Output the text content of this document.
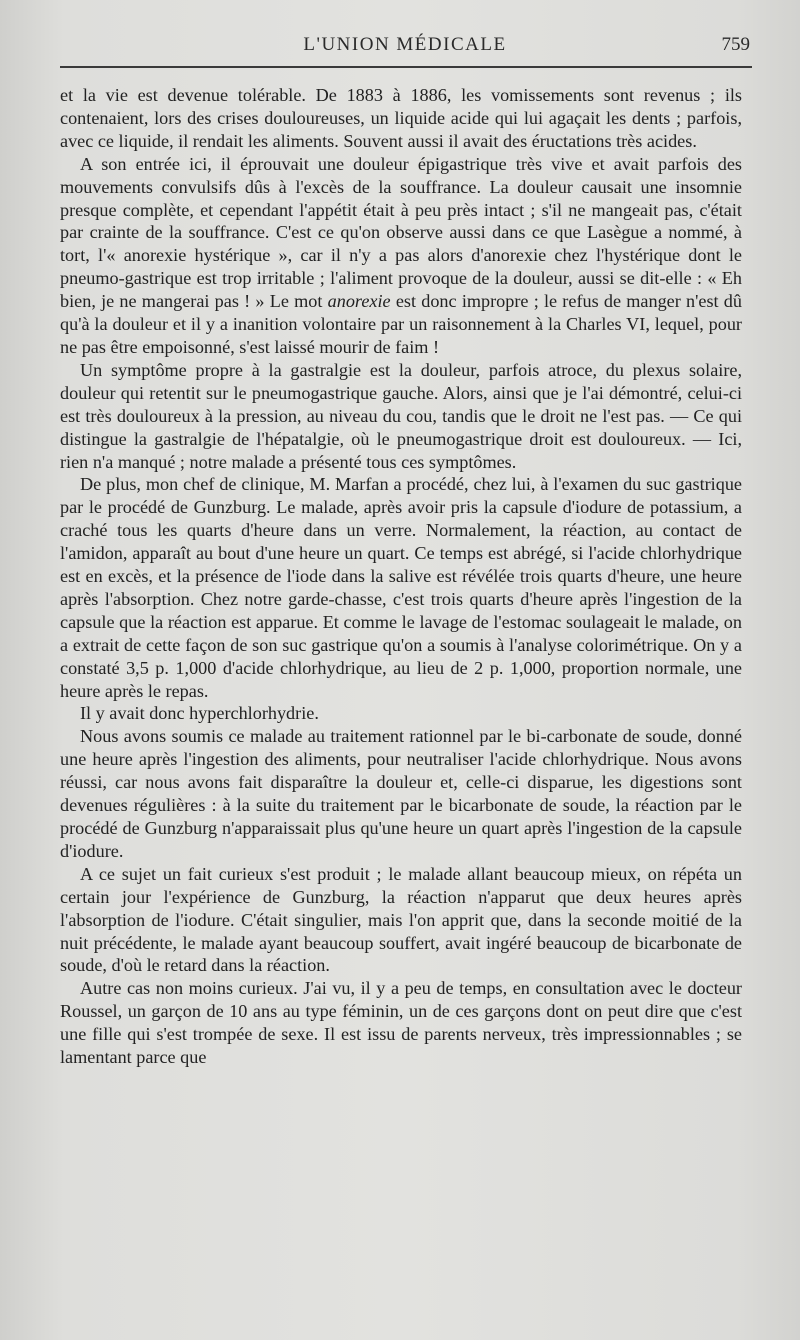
L'UNION MÉDICALE	759

et la vie est devenue tolérable. De 1883 à 1886, les vomissements sont revenus ; ils contenaient, lors des crises douloureuses, un liquide acide qui lui agaçait les dents ; parfois, avec ce liquide, il rendait les aliments. Souvent aussi il avait des éructations très acides.

A son entrée ici, il éprouvait une douleur épigastrique très vive et avait parfois des mouvements convulsifs dûs à l'excès de la souffrance. La douleur causait une insomnie presque complète, et cependant l'appétit était à peu près intact ; s'il ne mangeait pas, c'était par crainte de la souffrance. C'est ce qu'on observe aussi dans ce que Lasègue a nommé, à tort, l'« anorexie hystérique », car il n'y a pas alors d'anorexie chez l'hystérique dont le pneumo-gastrique est trop irritable ; l'aliment provoque de la douleur, aussi se dit-elle : « Eh bien, je ne mangerai pas ! » Le mot anorexie est donc impropre ; le refus de manger n'est dû qu'à la douleur et il y a inanition volontaire par un raisonnement à la Charles VI, lequel, pour ne pas être empoisonné, s'est laissé mourir de faim !

Un symptôme propre à la gastralgie est la douleur, parfois atroce, du plexus solaire, douleur qui retentit sur le pneumogastrique gauche. Alors, ainsi que je l'ai démontré, celui-ci est très douloureux à la pression, au niveau du cou, tandis que le droit ne l'est pas. — Ce qui distingue la gastralgie de l'hépatalgie, où le pneumogastrique droit est douloureux. — Ici, rien n'a manqué ; notre malade a présenté tous ces symptômes.

De plus, mon chef de clinique, M. Marfan a procédé, chez lui, à l'examen du suc gastrique par le procédé de Gunzburg. Le malade, après avoir pris la capsule d'iodure de potassium, a craché tous les quarts d'heure dans un verre. Normalement, la réaction, au contact de l'amidon, apparaît au bout d'une heure un quart. Ce temps est abrégé, si l'acide chlorhydrique est en excès, et la présence de l'iode dans la salive est révélée trois quarts d'heure, une heure après l'absorption. Chez notre garde-chasse, c'est trois quarts d'heure après l'ingestion de la capsule que la réaction est apparue. Et comme le lavage de l'estomac soulageait le malade, on a extrait de cette façon de son suc gastrique qu'on a soumis à l'analyse colorimétrique. On y a constaté 3,5 p. 1,000 d'acide chlorhydrique, au lieu de 2 p. 1,000, proportion normale, une heure après le repas.

Il y avait donc hyperchlorhydrie.

Nous avons soumis ce malade au traitement rationnel par le bi-carbonate de soude, donné une heure après l'ingestion des aliments, pour neutraliser l'acide chlorhydrique. Nous avons réussi, car nous avons fait disparaître la douleur et, celle-ci disparue, les digestions sont devenues régulières : à la suite du traitement par le bicarbonate de soude, la réaction par le procédé de Gunzburg n'apparaissait plus qu'une heure un quart après l'ingestion de la capsule d'iodure.

A ce sujet un fait curieux s'est produit ; le malade allant beaucoup mieux, on répéta un certain jour l'expérience de Gunzburg, la réaction n'apparut que deux heures après l'absorption de l'iodure. C'était singulier, mais l'on apprit que, dans la seconde moitié de la nuit précédente, le malade ayant beaucoup souffert, avait ingéré beaucoup de bicarbonate de soude, d'où le retard dans la réaction.

Autre cas non moins curieux. J'ai vu, il y a peu de temps, en consultation avec le docteur Roussel, un garçon de 10 ans au type féminin, un de ces garçons dont on peut dire que c'est une fille qui s'est trompée de sexe. Il est issu de parents nerveux, très impressionnables ; se lamentant parce que
